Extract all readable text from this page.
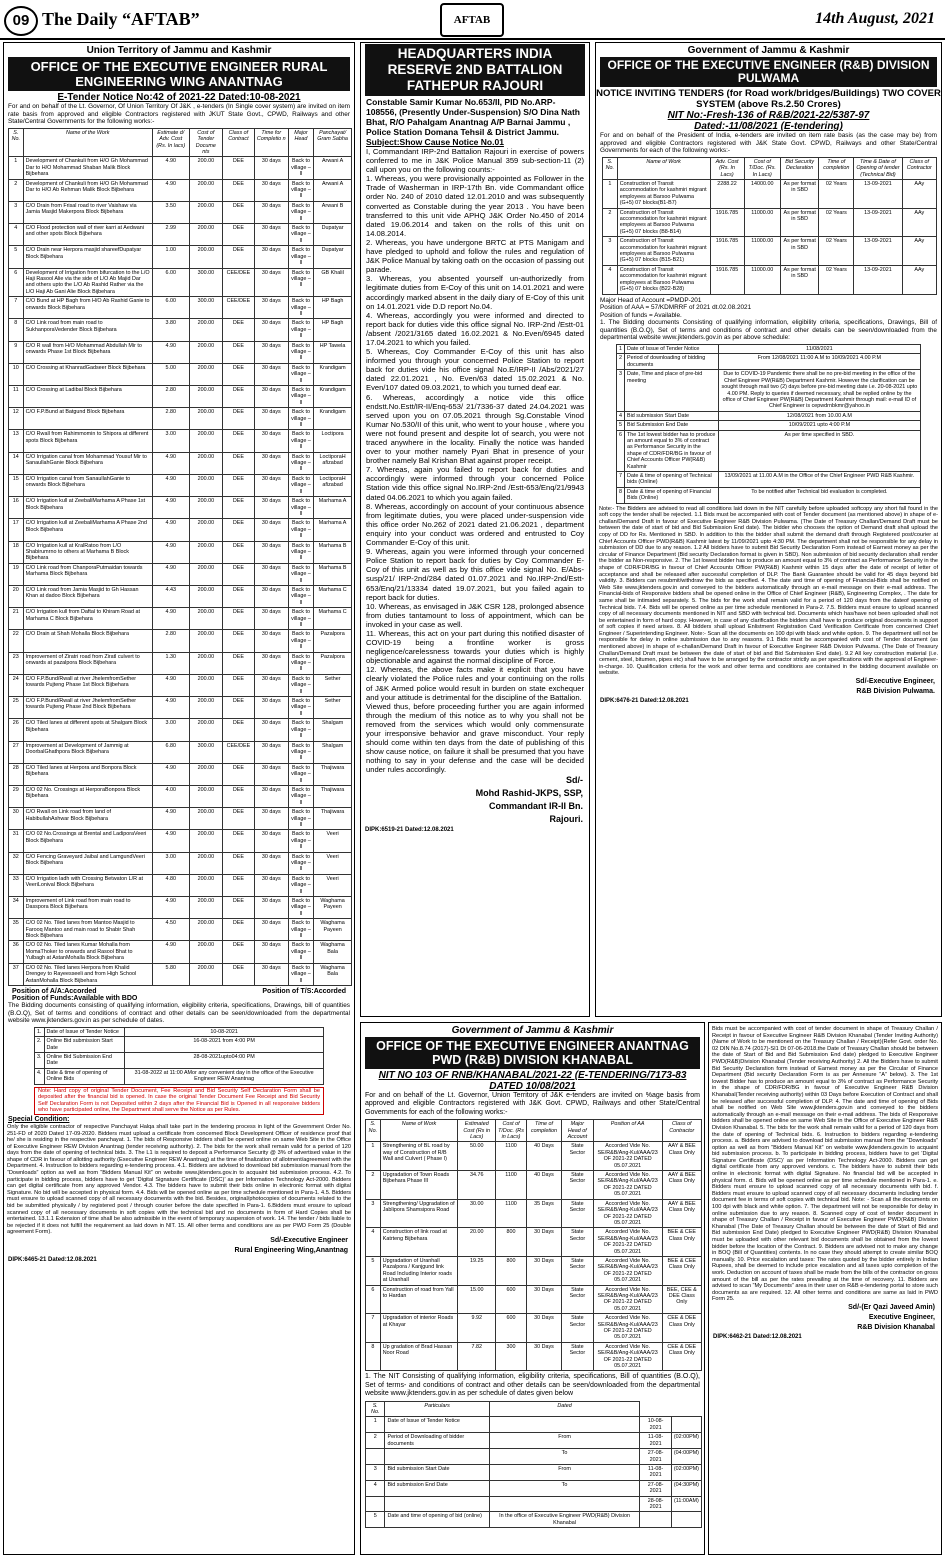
09 The Daily “AFTAB”	AFTAB	14th August, 2021
Union Territory of Jammu and Kashmir
OFFICE OF THE EXECUTIVE ENGINEER RURAL ENGINEERING WING ANANTNAG
E-Tender Notice No:42 of 2021-22 Dated:10-08-2021
For and on behalf of the Lt. Governor, Of Union Territory Of J&K , e-tenders (In Single cover system) are invited on item rate basis from approved and eligible Contractors registered with JKUT State Govt., CPWD, Railways and other State/Central Governments for the following works:-
S. No.	Name of the Work	Estimate d/ Adv. Cost (Rs. In lacs)	Cost of Tender Docume nts	Class of Contract	Time for Completio n	Major Head	Panchayat/ Gram Sabha
1	Development of Chankuli from H/O Gh Mohammad Dar to H/O Mohammad Shaban Malik Block Bijbehara	4.90	200.00	DEE	30 days	Back to village – II	Arwani A
2	Development of Chankuli from H/O Gh Mohammad Dar to H/O Ab Rehman Malik Block Bijbehara	4.90	200.00	DEE	30 days	Back to village – II	Arwani A
3	C/O Drain from Frisal road to river Vaishaw via Jamia Masjid Makerpora Block Bijbehara	3.50	200.00	DEE	30 days	Back to village – II	Arwani B
4	C/O Flood protection wall of river karri at Aedwani and other spots Block Bijbehara	2.99	200.00	DEE	30 days	Back to village – II	Dupatyar
5	C/O Drain near Herpora masjid shareefDupatyar Block Bijbehara	1.00	200.00	DEE	30 days	Back to village – II	Dupatyar
6	Development of Irrigation from bifurcation to the L/O Haji Rasool Alie via the side of L/O Ab Majid Dar and others upto the L/O Ab Rashid Rather via the L/O Haji Ab Gani Alie Block Bijbehara	6.00	300.00	CEE/DEE	30 days	Back to village – II	GB Khalil
7	C/O Bund at HP Bagh from H/O Ab Rashid Ganie to onwards Block Bijbehara	6.00	300.00	CEE/DEE	30 days	Back to village – II	HP Bagh
8	C/O Link road from main road to SukhanporaVedender Block Bijbehara	3.80	200.00	DEE	30 days	Back to village – II	HP Bagh
9	C/O R wall from H/O Mohammad Abdullah Mir to onwards Phase 1st Block Bijbehara	4.90	200.00	DEE	30 days	Back to village – II	HP Tawela
10	C/O Crossing at KhanradGadseer Block Bijbehara	5.00	200.00	DEE	30 days	Back to village – II	Krandigam
11	C/O Crossing at Ladibal Block Bijbehara	2.80	200.00	DEE	30 days	Back to village – II	Krandigam
12	C/O F.P.Bund at Batgund Block Bijbehara	2.80	200.00	DEE	30 days	Back to village – II	Krandigam
13	C/O Rwall from Rahimmomin to Shipora at different spots Block Bijbehara	3.00	200.00	DEE	30 days	Back to village – II	Loctipora
14	C/O Irrigation canal from Mohammad Yousuf Mir to SanaullahGanie Block Bijbehara	4.90	200.00	DEE	30 days	Back to village – II	LoctiporaH afizabad
15	C/O Irrigation canal from SanaullahGanie to onwards Block Bijbehara	4.90	200.00	DEE	30 days	Back to village – II	LoctiporaH afizabad
16	C/O Irrigation kull at ZeebaliMarhama A Phase 1st Block Bijbehara	4.90	200.00	DEE	30 days	Back to village – II	Marhama A
17	C/O Irrigation kull at ZeebaliMarhama A Phase 2nd Block Bijbehara	4.90	200.00	DEE	30 days	Back to village – II	Marhama A
18	C/O Irrigation kull at KralRatoo from L/O Shabirumrno to others at Marhama B Block Bijbehara	4.90	200.00	DEE	30 days	Back to village – II	Marhama B
19	C/O Link road from ChanporaPutmaidan towards Marhama Block Bijbehara	4.90	200.00	DEE	30 days	Back to village – II	Marhama B
20	C/O Link road from Jamia Masjid to Gh Hassan Khan at dadoo Block Bijbehara	4.43	200.00	DEE	30 days	Back to village – II	Marhama C
21	C/O Irrigation kull from Daftal to Khiram Road at Marhama C Block Bijbehara	4.90	200.00	DEE	30 days	Back to village – II	Marhama C
22	C/O Drain at Shah Mohalla Block Bijbehara	2.80	200.00	DEE	30 days	Back to village – II	Pazalpora
23	Improvement of Ziratri road from Ziratl culvert to onwards at pazalpora Block Bijbehara	1.30	200.00	DEE	30 days	Back to village – II	Pazalpora
24	C/O F.P.Bund/Rwall at river JhelemfromSether towards Pujteng Phase 1st Block Bijbehara	4.90	200.00	DEE	30 days	Back to village – II	Sether
25	C/O F.P.Bund/Rwall at river JhelemfromSether towards Pujteng Phase 2nd Block Bijbehara	4.90	200.00	DEE	30 days	Back to village – II	Sether
26	C/O Tiled lanes at different spots at Shalgam Block Bijbehara	3.00	200.00	DEE	30 days	Back to village – II	Shalgam
27	Improvement at Development of Jammig at DoorbalGhathpora Block Bijbehara	6.80	300.00	CEE/DEE	30 days	Back to village – II	Shalgam
28	C/O Tiled lanes at Herpora and Bonpora Block Bijbehara	4.90	200.00	DEE	30 days	Back to village – II	Thajiwara
29	C/O 02 No. Crossings at HerporaBonpora Block Bijbehara	4.00	200.00	DEE	30 days	Back to village – II	Thajiwara
30	C/O Rwall on Link road from land of HabibullahAshwar Block Bijbehara	4.90	200.00	DEE	30 days	Back to village – II	Thajiwara
31	C/O 02 No.Crossings at Brental and LadiporaVeeri Block Bijbehara	4.90	200.00	DEE	30 days	Back to village – II	Veeri
32	C/O Fencing Graveyard Jaibal and LamgundVeeri Block Bijbehara	3.00	200.00	DEE	30 days	Back to village – II	Veeri
33	C/O Irrigation ladh with Crossing Betwaton L/R at VeeriLonival Block Bijbehara	4.80	200.00	DEE	30 days	Back to village – II	Veeri
34	Improvement of Link road from main road to Dasspora Block Bijbehara	4.90	200.00	DEE	30 days	Back to village – II	Waghama Payeen
35	C/O 02 No. Tiled lanes from Mantoo Masjid to Farooq Mantoo and main road to Shabir Shah Block Bijbehara	4.50	200.00	DEE	30 days	Back to village – II	Waghama Payeen
36	C/O 02 No. Tiled lanes Kumar Mohalla from MomaThoker to onwards and Rasool Bhat to Yulbagh at AstanMohalla Block Bijbehara	4.90	200.00	DEE	30 days	Back to village – II	Waghama Bala
37	C/O 02 No. Tiled lanes Herpora from Khalid Drengey to Rayeesseeli and from High School AstanMohalla Block Bijbehara	5.80	200.00	DEE	30 days	Back to village – II	Waghama Bala
Position of A/A:Accorded	Position of T/S:Accorded
Position of Funds:Available with BDO
The Bidding documents consisting of qualifying information, eligibility criteria, specifications, Drawings, bill of quantities (B.O.Q), Set of terms and conditions of contract and other details can be seen/downloaded from the departmental website www.jktenders.gov.in as per schedule of dates.
1.	Date of Issue of Tender Notice	10-08-2021
2.	Online Bid submission Start Date	16-08-2021 from 4:00 PM
3.	Online Bid Submission End Date	28-08-2021upto04:00 PM
4.	Date & time of opening of Online Bids	31-08-2022 at 11:00 AMor any convenient day in the office of the Executive Engineer REW Anantnag
Note: Hard copy of original Tender Document, Fee Receipt and Bid Security Self Declaration Form shall be deposited after the financial bid is opened. In case the original Tender Document Fee Receipt and Bid Security Self Declaration Form is not Deposited within 2 days after the Financial Bid is Opened in all responsive bidders who have participated online, the Department shall serve the Notice as per Rules.
Special Condition:
Only the eligible contractor of respective Panchayat Halqa shall take part in the tendering process in light of the Government Order No. 251-FD of 2020 Dated 17-09-2020. Bidders must upload a certificate from concerned Block Development Officer of residence proof that he/ she is residing in the respective panchayat. 1. The bids of Responsive bidders shall be opened online on same Web Site in the Office of Executive Engineer REW Division Anantnag (tender receiving authority). 2. The bids for the work shall remain valid for a period of 120 days from the date of opening of technical bids. 3. The L1 is required to deposit a Performance Security @ 3% of advertised value in the shape of CDR in favour of allotting authority (Executive Engineer REW Anantnag) at the time of finalization of allotment/agreement with the Department. 4. Instruction to bidders regarding e-tendering process. 4.1. Bidders are advised to download bid submission manual from the “Downloads” option as well as from “Bidders Manual Kit” on website www.jktenders.gov.in to acquaint bid submission process. 4.2. To participate in bidding process, bidders have to get ‘Digital Signature Certificate (DSC)’ as per Information Technology Act-2000. Bidders can get digital certificate from any approved Vendor. 4.3. The bidders have to submit their bids online in electronic format with digital Signature. No bid will be accepted in physical form. 4.4. Bids will be opened online as per time schedule mentioned in Para-1. 4.5. Bidders must ensure to upload scanned copy of all necessary documents with the bid. Besides, original/photocopies of documents related to the bid be submitted physically / by registered post / through courier before the date specified in Para-1. 6.Bidders must ensure to upload scanned copy of all necessary documents in soft copies with the technical bid and no documents in form of Hard Copies shall be entertained. 13.1.1 Extension of time shall be also admissible in the event of temporary suspension of work. 14. The tender / bids liable to be rejected if it does not fulfill the requirement as laid down in NIT. 15. All other terms and conditions are as per PWD Form 25 (Double agreement Form).
Sd/-Executive Engineer
Rural Engineering Wing,Anantnag
DIPK:6465-21 Dated:12.08.2021
HEADQUARTERS INDIA RESERVE 2ND BATTALION FATHEPUR RAJOURI
Constable Samir Kumar No.653/II, PID No.ARP-108556, (Presently Under-Suspension) S/O Dina Nath Bhat, R/O Pahalgam Anantnag A/P Barnai Jammu , Police Station Domana Tehsil & District Jammu.
Subject:Show Cause Notice No.01
I, Commandant IRP-2nd Battalion Rajouri in exercise of powers conferred to me in J&K Police Manual 359 sub-section-11 (2) call upon you on the following counts:-
1. Whereas, you were provisionally appointed as Follower in the Trade of Washerman in IRP-17th Bn. vide Commandant office order No. 240 of 2010 dated 12.01.2010 and was subsequently converted as Constable during the year 2013 . You have been transferred to this unit vide APHQ J&K Order No.450 of 2014 dated 19.06.2014 and taken on the rolls of this unit on 14.08.2014.
2. Whereas, you have undergone BRTC at PTS Manigam and have pledged to uphold and follow the rules and regulation of J&K Police Manual by taking oath on the occasion of passing out parade.
3. Whereas, you absented yourself un-authorizedly from legitimate duties from E-Coy of this unit on 14.01.2021 and were accordingly marked absent in the daily diary of E-Coy of this unit on 14.01.2021 vide D.D report No.04.
4. Whereas, accordingly you were informed and directed to report back for duties vide this office signal No. IRP-2nd /Estt-01 /absent /2021/3165 dated 16.02.2021 & No.Even/6945 dated 17.04.2021 to which you failed.
5. Whereas, Coy Commander E-Coy of this unit has also informed you through your concerned Police Station to report back for duties vide his office signal No.E/IRP-II /Abs/2021/27 dated 22.01.2021 , No. Even/63 dated 15.02.2021 & No. Even/107 dated 09.03.2021, to which you turned deaf ear.
6. Whereas, accordingly a notice vide this office endstt.No.Estt/IR-II/Enq-653/ 21/7336-37 dated 24.04.2021 was served upon you on 07.05.2021 through Sg.Constable Vinod Kumar No.530/II of this unit, who went to your house , where you were not found present and despite lot of search, you were not traced anywhere in the locality. Finally the notice was handed over to your mother namely Pyari Bhat in presence of your brother namely Bal Krishan Bhat against proper receipt.
7. Whereas, again you failed to report back for duties and accordingly were informed through your concerned Police Station vide this office signal No.IRP-2nd /Estt-653/Enq/21/9943 dated 04.06.2021 to which you again failed.
8. Whereas, accordingly on account of your continuous absence from legitimate duties, you were placed under-suspension vide this office order No.262 of 2021 dated 21.06.2021 , department enquiry into your conduct was ordered and entrusted to Coy Commander E-Coy of this unit.
9. Whereas, again you were informed through your concerned Police Station to report back for duties by Coy Commander E-Coy of this unit as well as by this office vide signal No. E/Abs-susp/21/ IRP-2nd/284 dated 01.07.2021 and No.IRP-2nd/Estt-653/Enq/21/13334 dated 19.07.2021, but you failed again to report back for duties.
10. Whereas, as envisaged in J&K CSR 128, prolonged absence from duties tantamount to loss of appointment, which can be invoked in your case as well.
11. Whereas, this act on your part during this notified disaster of COVID-19 being a frontline worker is gross negligence/carelessness towards your duties which is highly objectionable and against the normal discipline of Force.
12. Whereas, the above facts make it explicit that you have clearly violated the Police rules and your continuing on the rolls of J&K Armed police would result in burden on state exchequer and your attitude is detrimental for the discipline of the Battalion.
Viewed thus, before proceeding further you are again informed through the medium of this notice as to why you shall not be removed from the services which would only commensurate your irresponsive behavior and grave misconduct. Your reply should come within ten days from the date of publishing of this show cause notice, on failure it shall be presumed that you have nothing to say in your defense and the case will be decided under rules accordingly.
Sd/-
Mohd Rashid-JKPS, SSP,
Commandant IR-II Bn.
Rajouri.
DIPK:6519-21 Dated:12.08.2021
Government of Jammu & Kashmir
OFFICE OF THE EXECUTIVE ENGINEER (R&B) DIVISION PULWAMA
NOTICE INVITING TENDERS (for Road work/bridges/Buildings) TWO COVER SYSTEM (above Rs.2.50 Crores)
NIT No:-Fresh-136 of R&B/2021-22/5387-97
Dated:-11/08/2021 (E-tendering)
For and on behalf of the President of India, e-tenders are invited on item rate basis (as the case may be) from approved and eligible Contractors registered with J&K State Govt. CPWD, Railways and other State/Central Governments for each of the following works:-
S. No.	Name of Work	Adv. Cost (Rs. In Lacs)	Cost of T/Doc. (Rs. In Lacs)	Bid Security Declaration	Time of completion	Time & Date of Opening of tender (Technical Bid)	Class of Contractor
1	Construction of Transit accommodation for kashmiri migrant employees at Barsoo Pulwama (G+5) 07 blocks(B1-B7)	2288.22	14000.00	As per format in SBD	02 Years	13-09-2021	AAy
2	Construction of Transit accommodation for kashmiri migrant employees at Barsoo Pulwama (G+5) 07 blocks (B8-B14)	1916.785	11000.00	As per format in SBD	02 Years	13-09-2021	AAy
3	Construction of Transit accommodation for kashmiri migrant employees at Barsoo Pulwama (G+5) 07 blocks (B15-B21)	1916.785	11000.00	As per format in SBD	02 Years	13-09-2021	AAy
4	Construction of Transit accommodation for kashmiri migrant employees at Barsoo Pulwama (G+5) 07 blocks (B22-B28)	1916.785	11000.00	As per format in SBD	02 Years	13-09-2021	AAy
Major Head of Account =PMDP-201
Position of AAA = 57/KDMRRF of 2021 dt.02.08.2021
Position of funds = Available.
1. The Bidding documents Consisting of qualifying information, eligibility criteria, specifications, Drawings, Bill of quantities (B.O.Q), Set of terms and conditions of contract and other details can be seen/downloaded from the departmental website www.jktenders.gov.in as per above schedule:
1	Date of Issue of Tender Notice	11/08/2021
2	Period of downloading of bidding documents	From 12/08/2021 11:00 A.M to 10/09/2021 4.00 P.M
3	Date, Time and place of pre-bid meeting	Due to COVID-19 Pandemic there shall be no pre-bid meeting in the office of the Chief Engineer PW(R&B) Department Kashmir. However the clarification can be sought through mail two (2) days before pre-bid meeting date i.e. 20-08-2021 upto 4.00 PM. Reply to queries if deemed necessary, shall be replied online by the office of Chief Engineer PW(R&B) Department Kashmir through mail: e-mail ID of Chief Engineer is cepwdrnbkmr@yahoo.in
4	Bid submission Start Date	12/08/2021 from 10.00 A.M
5	Bid Submission End Date	10/09/2021 upto 4:00 P.M
6	The 1st lowest bidder has to produce an amount equal to 3% of contract as Performance Security in the shape of CDR/FDR/BG in favour of Chief Accounts Officer PW(R&B) Kashmir	As per time specified in SBD.
7	Date & time of opening of Technical bids (Online)	13/09/2021 at 11.00 A.M in the Office of the Chief Engineer PWD R&B Kashmir.
8	Date & time of opening of Financial Bids (Online)	To be notified after Technical bid evaluation is completed.
Note:- The Bidders are advised to read all conditions laid down in the NIT carefully before uploaded softcopy any short fall found in the soft copy the tender shall be rejected. 1.1 Bids must be accompanied with cost of Tender document (as mentioned above) in shape of e-challan/Demand Draft in favour of Executive Engineer R&B Division Pulwama. (The Date of Treasury Challan/Demand Draft must be between the date of start of bid and Bid Submission End date). The bidder who chooses the option of Demand draft shall upload the copy of DD for Rs. Mentioned in SBD. In addition to this the bidder shall submit the demand draft through Registered post/courier at Chief Accounts Officer PWD(R&B) Kashmir latest by 11/09/2021 upto 4:30 PM. The department shall not be responsible for any delay in submission of DD due to any reason. 1.2 All bidders have to submit Bid Security Declaration Form instead of Earnest money as per the circular of Finance Department (Bid security Declaration format is given in SBD). Non submission of bid security declaration shall render the bidder as Non-responsive. 2. The 1st lowest bidder has to produce an amount equal to 3% of contract as Performance Security in the shape of CDR/FDR/BG in favour of Chief Accounts Officer PW(R&B) Kashmir within 15 days after the date of receipt of letter of acceptance and shall be released after successful completion of DLP. The Bank Guarantee should be valid for 45 days beyond bid validity. 3. Bidders can resubmit/withdraw the bids as specified. 4. The date and time of opening of Financial-Bids shall be notified on Web Site www.jktenders.gov.in and conveyed to the bidders automatically through an e-mail message on their e-mail address. The Financial-bids of Responsive bidders shall be opened online in the Office of Chief Engineer (R&B), Engineering Complex, . The date for same shall be intimated separately. 5. The bids for the work shall remain valid for a period of 120 days from the dateof opening of Technical bids. 7.4. Bids will be opened online as per time schedule mentioned in Para-2. 7.5. Bidders must ensure to upload scanned copy of all necessary documents mentioned in NIT and SBD with technical bid. Documents which has/have not been uploaded shall not be entertained in form of hard copy. However, in case of any clarification the bidders shall have to produce original documents in support of soft copies if need arises. 8. All bidders shall upload Enlistment Registration Card Verification Certificate from concerned Chief Engineer / Superintending Engineer. Note:- Scan all the documents on 100 dpi with black and white option. 9. The department will not be responsible for delay in online submission due to any reasons. 9.1 Bids must be accompanied with cost of Tender document (as mentioned above) in shape of e-challan/Demand Draft in favour of Executive Engineer R&B Division Pulwama. (The Date of Treasury Challan/Demand Draft must be between the date of start of bid and Bid Submission End date). 9.2 All key construction material (i.e. cement, steel, bitumen, pipes etc) shall have to be arranged by the contractor strictly as per specifications with the approval of Engineer-in-charge. 10. Qualification criteria for the work and other terms and conditions are contained in the bidding document available on website.
Sd/-Executive Engineer,
R&B Division Pulwama.
DIPK:6476-21 Dated:12.08.2021
Government of Jammu & Kashmir
OFFICE OF THE EXECUTIVE ENGINEER ANANTNAG PWD (R&B) DIVISION KHANABAL
NIT NO 103 OF RNB/KHANABAL/2021-22 (E-TENDERING/7173-83 DATED 10/08/2021
For and on behalf of the Lt. Governor, Union Territory of J&K e-tenders are invited on %age basis from approved and eligible Contractors registered with J&K Govt. CPWD, Railways and other State/Central Governments for each of the following works:-
S. No.	Name of Work	Estimated Cost (Rs in Lacs)	Cost of T/Doc. (Rs in Lacs)	Time of completion	Major Head of Account	Position of AA	Class of Contractor
1	Strengthening of BL road by way of Construction of R/B Wall and Culvert ( Phase I)	50.00	1100	40 Days	State Sector	Accorded Vide No. SE/R&B/Ang-Kul/AAA/23 OF 2021-22 DATED 05.07.2021	AAY & BEE Class Only
2	Upgradation of Town Roads Bijbehara Phase III	34.76	1100	40 Days	State Sector	Accorded Vide No. SE/R&B/Ang-Kul/AAA/23 OF 2021-22 DATED 05.07.2021	AAY & BEE Class Only
3	Strengthening/ Upgradation of Jablipora Shamsipora Road	30.00	1100	35 Days	State Sector	Accorded Vide No. SE/R&B/Ang-Kul/AAA/23 OF 2021-22 DATED 05.07.2021	AAY & BEE Class Only
4	Construction of link road at Katrteng Bijbehara	20.00	800	30 Days	State Sector	Accorded Vide No. SE/R&B/Ang-Kul/AAA/23 OF 2021-22 DATED 05.07.2021	BEE & CEE Class Only
5	Upgradation of Uranhall Pazalpora / Kanjgund link Road Including Interior roads at Uranhall	19.25	800	30 Days	State Sector	Accorded Vide No. SE/R&B/Ang-Kul/AAA/23 OF 2021-22 DATED 05.07.2021	BEE & CEE Class Only
6	Construction of road from Yall to Hardan	15.00	600	30 Days	State Sector	Accorded Vide No. SE/R&B/Ang-Kul/AAA/23 OF 2021-22 DATED 05.07.2021	BEE, CEE & DEE Class Only
7	Upgradation of interior Roads at Khayar	9.92	600	30 Days	State Sector	Accorded Vide No. SE/R&B/Ang-Kul/AAA/23 OF 2021-22 DATED 05.07.2021	CEE & DEE Class Only
8	Up gradation of Brad Hassan Noor Road	7.82	300	30 Days	State Sector	Accorded Vide No. SE/R&B/Ang-Kul/AAA/23 OF 2021-22 DATED 05.07.2021	CEE & DEE Class Only
1. The NIT Consisting of qualifying information, eligibility criteria, specifications, Bill of quantities (B.O.Q), Set of terms- and conditions of contract and other details can be seen/downloaded from the departmental website www.jktenders.gov.in as per schedule of dates given below
S. No.	Particulars	Dated		
1	Date of Issue of Tender Notice		10-08-2021	
2	Period of Downloading of bidder documents	From	11-08-2021	(02:00PM)
		To	27-08-2021	(04:00PM)
3	Bid submission Start Date	From	11-08-2021	(02:00PM)
4	Bid submission End Date	To	27-08-2021	(04:30PM)
			28-08-2021	(11:00AM)
5	Date and time of opening of bid (online)	In the office of Executive Engineer PWD(R&B) Division Khanabal		
Bids must be accompanied with cost of tender document in shape of Treasury Challan / Receipt in favour of Executive Engineer R&B Division Khanabal (Tender Inviting Authority) (Name of Work to be mentioned on the Treasury Challan / Receipt)(Refer Govt. order No. 02 DIN No.8.74 (2017)-SI1 Dt 07-06-2018.the Date of Treasury Challan should be between the date of Start of Bid and Bid Submission End date) pledged to Executive Engineer PWD(R&B)Division Khanabal (Tender receiving Authority) 2. All the Bidders have to submit Bid Security Declaration form instead of Earnest money as per the Circular of Finance Department (Bid security Declaration Form is as per Annexure “A” below). 3. The 1st lowest Bidder has to produce an amount equal to 3% of contract as Performance Security in the shape of CDR/FDR/BG in favour of Executive Engineer R&B Division Khanabal(Tender receiving authority) within 03 Days before Execution of Contract and shall be released after successful completion of DLP. 4. The date and time of opening of Bids shall be notified on Web Site www.jktenders.gov.in and conveyed to the bidders automatically through an e-mail message on their e-mail address. The bids of Responsive bidders shall be opened online on same Web Site in the Office of Executive Engineer R&B Division Khanabal. 5. The bids for the work shall remain valid for a period of 120 days from the date of opening of Technical bids. 6. Instruction to bidders regarding e-tendering process. a. Bidders are advised to download bid submission manual from the “Downloads” option as well as from “Bidders Manual Kit” on website www.jktenders.gov.in to acquaint bid submission process. b. To participate in bidding process, bidders have to get ‘Digital Signature Certificate (DSC)’ as per Information Technology Act-2000. Bidders can get digital certificate from any approved vendors. c. The bidders have to submit their bids online in electronic format with digital Signature. No financial bid will be accepted in physical form. d. Bids will be opened online as per time schedule mentioned in Para-1. e. Bidders must ensure to upload scanned copy of all necessary documents with bid. f. Bidders must ensure to upload scanned copy of all necessary documents including tender document fee in terms of soft copies with technical bid. Note: - Scan all the documents on 100 dpi with black and white option. 7. The department will not be responsible for delay in online submission due to any reason. 8. Scanned copy of cost of tender document in shape of Treasury Challan / Receipt in favour of Executive Engineer PWD(R&B) Division Khanabal (The Date of Treasury Challan should be between the date of Start of Bid and Bid submission End Date) pledged to Executive Engineer PWD(R&B) Division Khanabal must be uploaded with other relevant bid documents shall be obtained from the lowest bidder before the location of the Contract. 9. Bidders are advised not to make any change in BOQ (Bill of Quantities) contents. In no case they should attempt to create similar BOQ manually. 10. Price escalation and taxes: The rates quoted by the bidder entirely in Indian Rupees, shall be deemed to include price escalation and all taxes upto completion of the work. Deduction on account of taxes shall be made from the bills of the contractor on gross amount of the bill as per the rates prevailing at the time of recovery. 11. Bidders are advised to scan “My Documents” area in their user on R&B e-tendering portal to store such documents as are required. 12. All other terms and conditions are same as laid in PWD Form 25.
Sd/-(Er Qazi Javeed Amin)
Executive Engineer,
R&B Division Khanabal
DIPK:6462-21 Dated:12.08.2021
